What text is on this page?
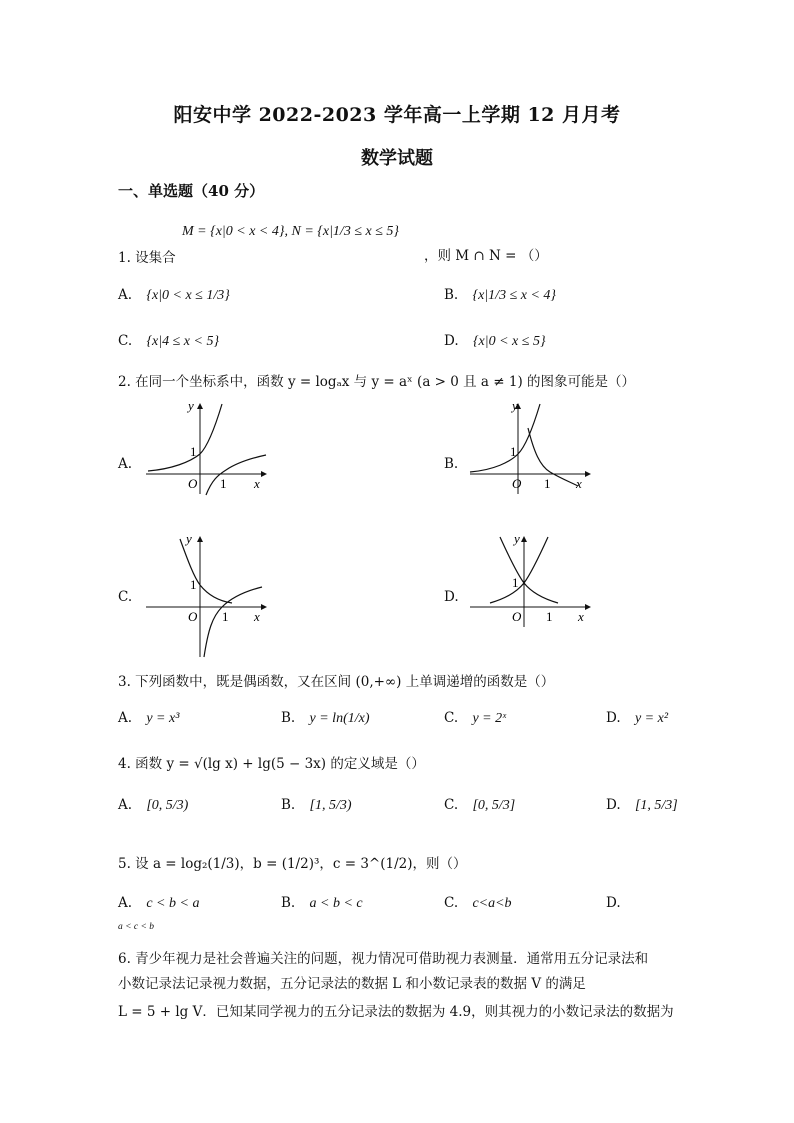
阳安中学 2022-2023 学年高一上学期 12 月月考
数学试题
一、单选题（40 分）
M = {x|0 < x < 4}, N = {x|1/3 ≤ x ≤ 5}
1. 设集合	，则 M ∩ N = （）
A. {x|0 < x ≤ 1/3}	B. {x|1/3 ≤ x < 4}
C. {x|4 ≤ x < 5}	D. {x|0 < x ≤ 5}
2. 在同一个坐标系中，函数 y = logₐx 与 y = aˣ (a > 0 且 a ≠ 1) 的图象可能是（）
A.	B.
C.	D.
y
x
O
1
1
y
x
O
1
1
y
x
O
1
1
y
x
O
1
1
3. 下列函数中，既是偶函数，又在区间 (0,+∞) 上单调递增的函数是（）
A. y = x³	B. y = ln(1/x)	C. y = 2ˣ	D. y = x²
4. 函数 y = √(lg x) + lg(5 − 3x) 的定义域是（）
A. [0, 5/3)	B. [1, 5/3)	C. [0, 5/3]	D. [1, 5/3]
5. 设 a = log₂(1/3)，b = (1/2)³，c = 3^(1/2)，则（）
A. c < b < a	B. a < b < c	C. c<a<b	D.
a < c < b
6. 青少年视力是社会普遍关注的问题，视力情况可借助视力表测量．通常用五分记录法和
小数记录法记录视力数据，五分记录法的数据 L 和小数记录表的数据 V 的满足
L = 5 + lg V．已知某同学视力的五分记录法的数据为 4.9，则其视力的小数记录法的数据为
